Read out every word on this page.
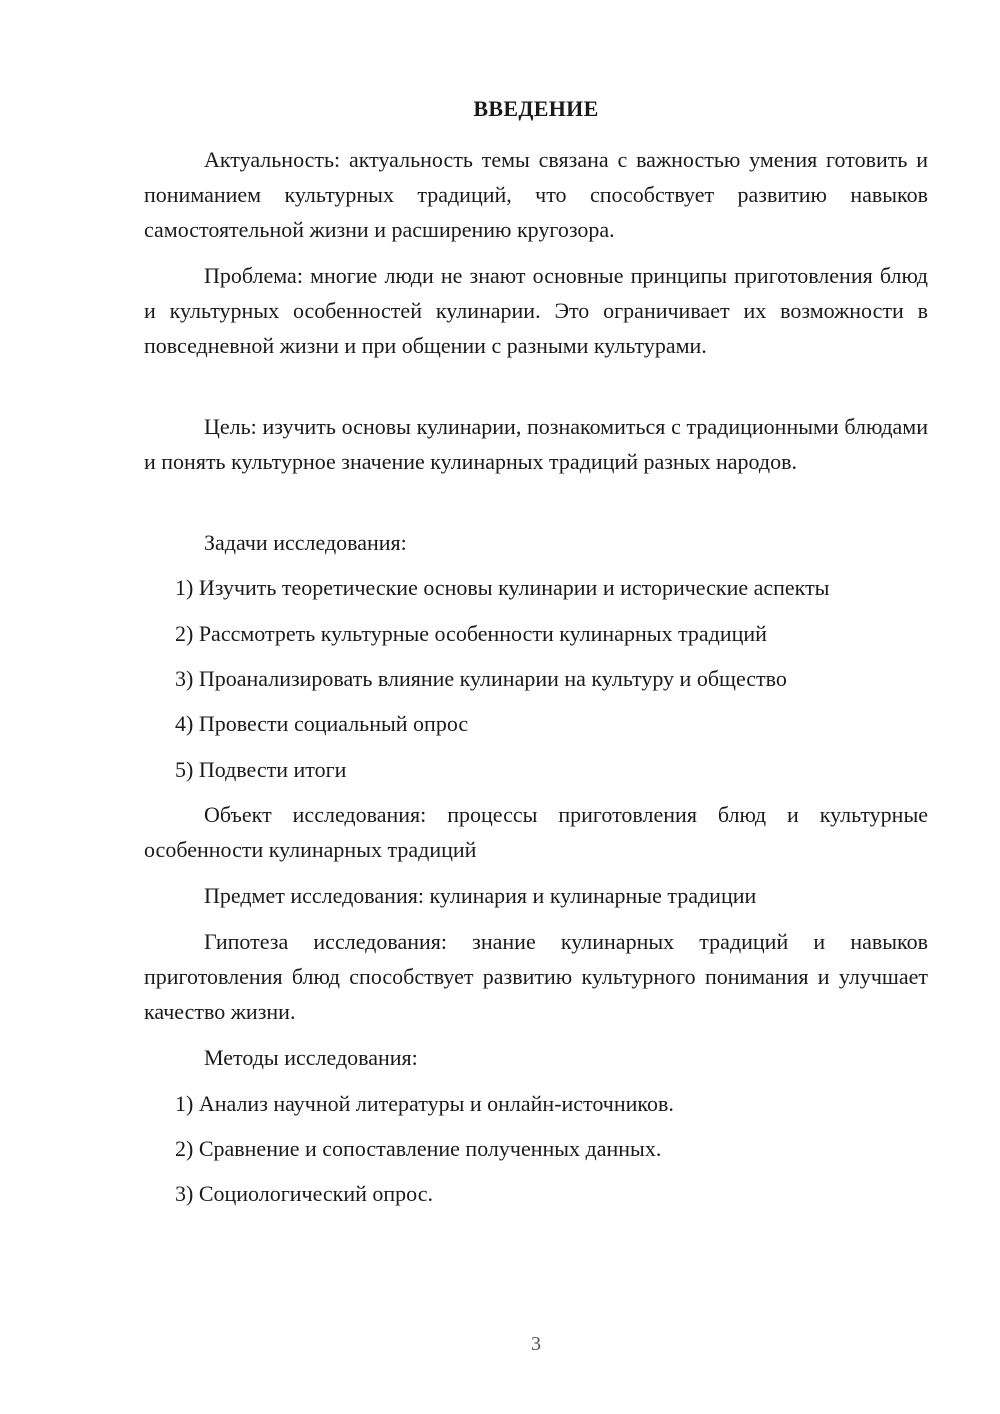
ВВЕДЕНИЕ

Актуальность: актуальность темы связана с важностью умения готовить и пониманием культурных традиций, что способствует развитию навыков самостоятельной жизни и расширению кругозора.

Проблема: многие люди не знают основные принципы приготовления блюд и культурных особенностей кулинарии. Это ограничивает их возможности в повседневной жизни и при общении с разными культурами.

Цель: изучить основы кулинарии, познакомиться с традиционными блюдами и понять культурное значение кулинарных традиций разных народов.

Задачи исследования:

1) Изучить теоретические основы кулинарии и исторические аспекты

2) Рассмотреть культурные особенности кулинарных традиций

3) Проанализировать влияние кулинарии на культуру и общество

4) Провести социальный опрос

5) Подвести итоги

Объект исследования: процессы приготовления блюд и культурные особенности кулинарных традиций

Предмет исследования: кулинария и кулинарные традиции

Гипотеза исследования: знание кулинарных традиций и навыков приготовления блюд способствует развитию культурного понимания и улучшает качество жизни.

Методы исследования:

1) Анализ научной литературы и онлайн-источников.

2) Сравнение и сопоставление полученных данных.

3) Социологический опрос.

3
